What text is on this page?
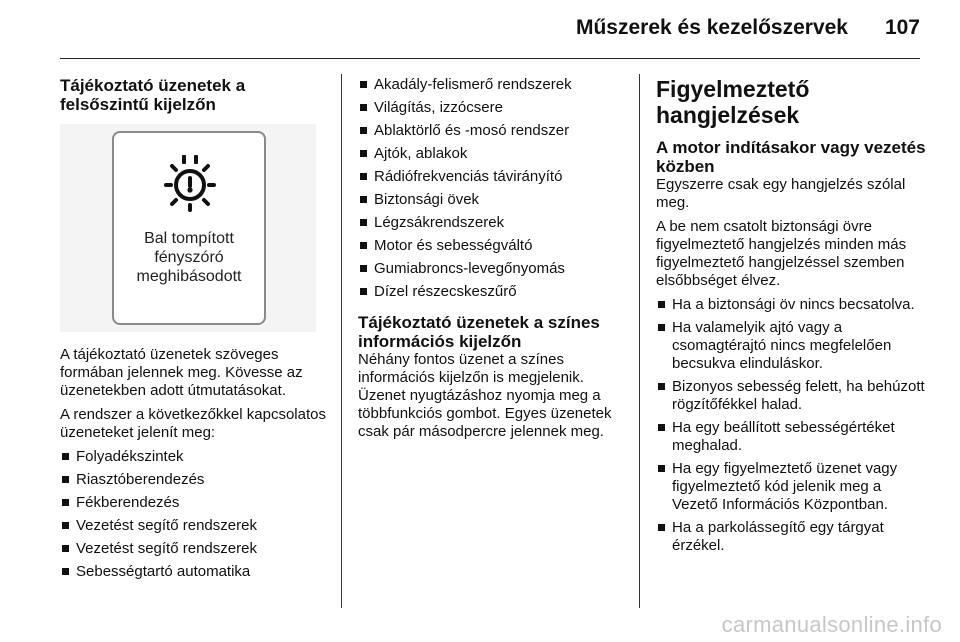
Műszerek és kezelőszervek 107
Tájékoztató üzenetek a felsőszintű kijelzőn
Bal tompított
fényszóró
meghibásodott

A tájékoztató üzenetek szöveges formában jelennek meg. Kövesse az üzenetekben adott útmutatásokat.

A rendszer a következőkkel kapcsolatos üzeneteket jelenít meg:

Folyadékszintek
Riasztóberendezés
Fékberendezés
Vezetést segítő rendszerek
Vezetést segítő rendszerek
Sebességtartó automatika
Akadály-felismerő rendszerek
Világítás, izzócsere
Ablaktörlő és -mosó rendszer
Ajtók, ablakok
Rádiófrekvenciás távirányító
Biztonsági övek
Légzsákrendszerek
Motor és sebességváltó
Gumiabroncs-levegőnyomás
Dízel részecskeszűrő
Tájékoztató üzenetek a színes információs kijelzőn

Néhány fontos üzenet a színes információs kijelzőn is megjelenik. Üzenet nyugtázáshoz nyomja meg a többfunkciós gombot. Egyes üzenetek csak pár másodpercre jelennek meg.

Figyelmeztető hangjelzések
A motor indításakor vagy vezetés közben

Egyszerre csak egy hangjelzés szólal meg.

A be nem csatolt biztonsági övre figyelmeztető hangjelzés minden más figyelmeztető hangjelzéssel szemben elsőbbséget élvez.

Ha a biztonsági öv nincs becsatolva.
Ha valamelyik ajtó vagy a csomagtérajtó nincs megfelelően becsukva elinduláskor.
Bizonyos sebesség felett, ha behúzott rögzítőfékkel halad.
Ha egy beállított sebességértéket meghalad.
Ha egy figyelmeztető üzenet vagy figyelmeztető kód jelenik meg a Vezető Információs Központban.
Ha a parkolássegítő egy tárgyat érzékel.
carmanualsonline.info
